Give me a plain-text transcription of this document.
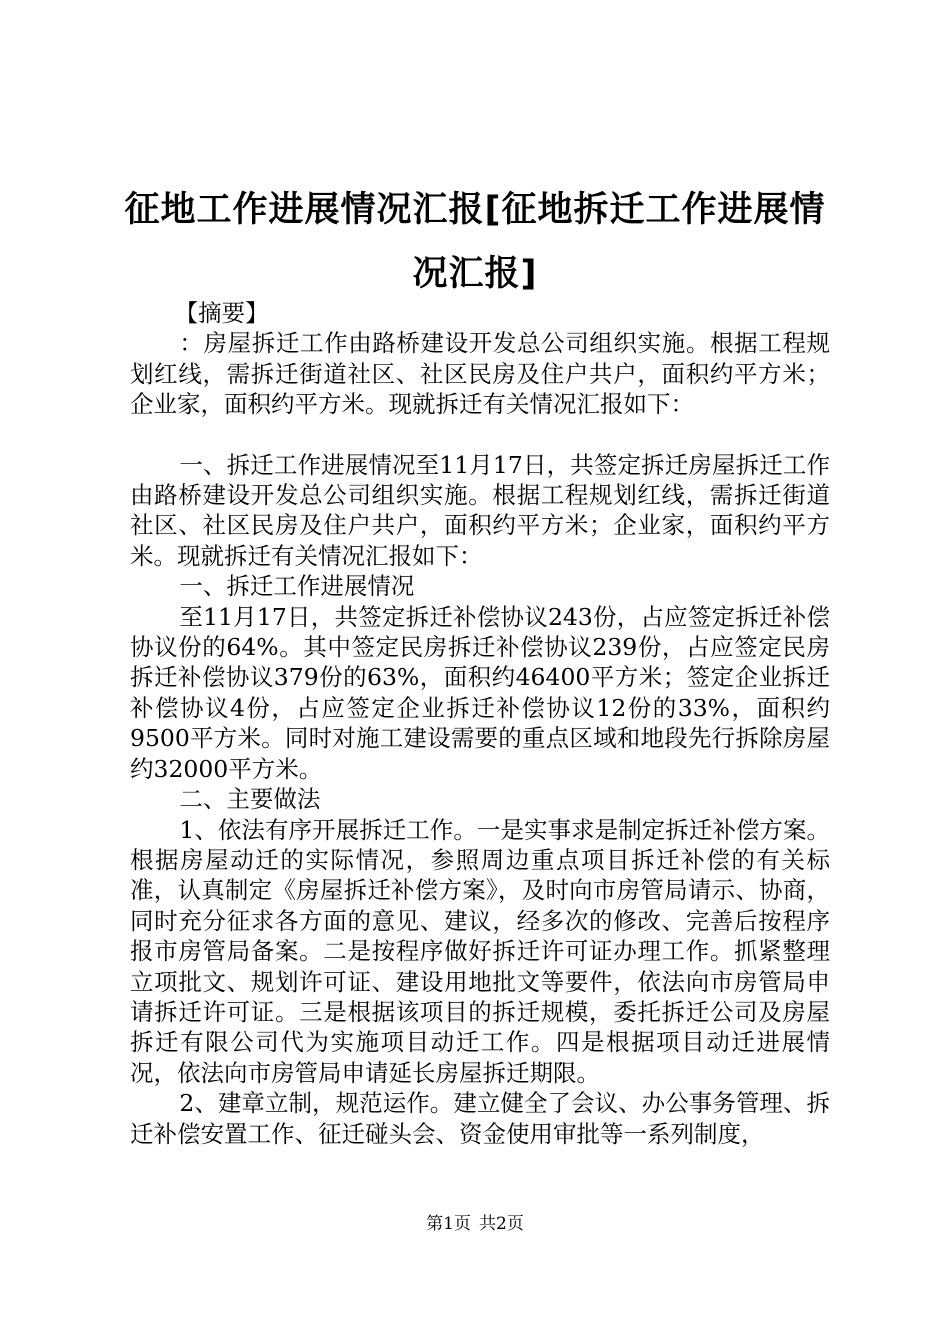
征地工作进展情况汇报[征地拆迁工作进展情况汇报]

【摘要】

：房屋拆迁工作由路桥建设开发总公司组织实施。根据工程规划红线，需拆迁街道社区、社区民房及住户共户，面积约平方米；企业家，面积约平方米。现就拆迁有关情况汇报如下：

一、拆迁工作进展情况至11月17日，共签定拆迁房屋拆迁工作由路桥建设开发总公司组织实施。根据工程规划红线，需拆迁街道社区、社区民房及住户共户，面积约平方米；企业家，面积约平方米。现就拆迁有关情况汇报如下：

一、拆迁工作进展情况

至11月17日，共签定拆迁补偿协议243份，占应签定拆迁补偿协议份的64%。其中签定民房拆迁补偿协议239份，占应签定民房拆迁补偿协议379份的63%，面积约46400平方米；签定企业拆迁补偿协议4份，占应签定企业拆迁补偿协议12份的33%，面积约9500平方米。同时对施工建设需要的重点区域和地段先行拆除房屋约32000平方米。

二、主要做法

1、依法有序开展拆迁工作。一是实事求是制定拆迁补偿方案。根据房屋动迁的实际情况，参照周边重点项目拆迁补偿的有关标准，认真制定《房屋拆迁补偿方案》，及时向市房管局请示、协商，同时充分征求各方面的意见、建议，经多次的修改、完善后按程序报市房管局备案。二是按程序做好拆迁许可证办理工作。抓紧整理立项批文、规划许可证、建设用地批文等要件，依法向市房管局申请拆迁许可证。三是根据该项目的拆迁规模，委托拆迁公司及房屋拆迁有限公司代为实施项目动迁工作。四是根据项目动迁进展情况，依法向市房管局申请延长房屋拆迁期限。

2、建章立制，规范运作。建立健全了会议、办公事务管理、拆迁补偿安置工作、征迁碰头会、资金使用审批等一系列制度，

第1页 共2页
